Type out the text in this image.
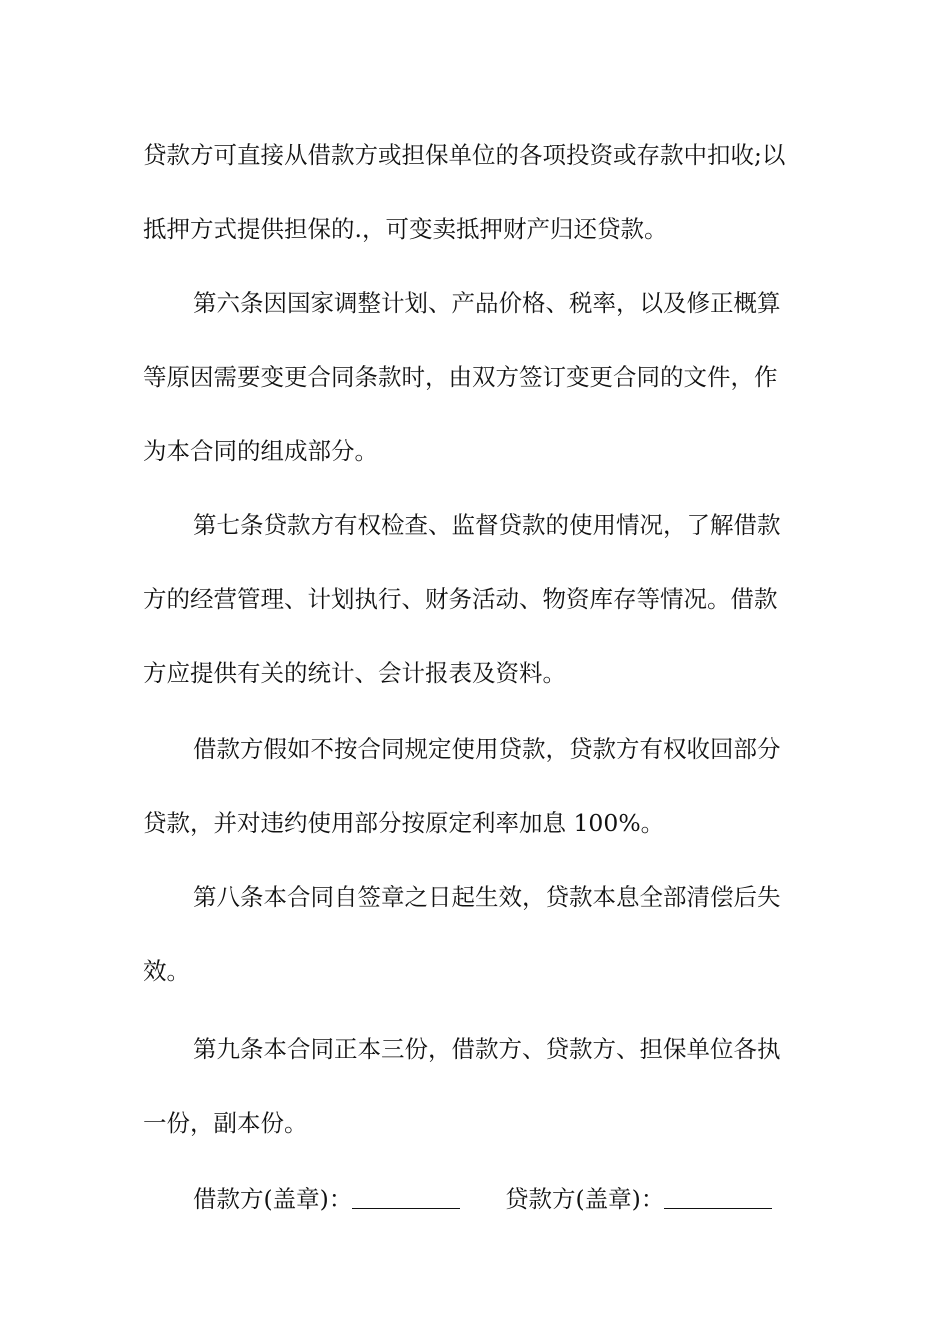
贷款方可直接从借款方或担保单位的各项投资或存款中扣收;以
抵押方式提供担保的.，可变卖抵押财产归还贷款。
第六条因国家调整计划、产品价格、税率，以及修正概算
等原因需要变更合同条款时，由双方签订变更合同的文件，作
为本合同的组成部分。
第七条贷款方有权检查、监督贷款的使用情况，了解借款
方的经营管理、计划执行、财务活动、物资库存等情况。借款
方应提供有关的统计、会计报表及资料。
借款方假如不按合同规定使用贷款，贷款方有权收回部分
贷款，并对违约使用部分按原定利率加息 100%。
第八条本合同自签章之日起生效，贷款本息全部清偿后失
效。
第九条本合同正本三份，借款方、贷款方、担保单位各执
一份，副本份。
借款方(盖章)：	贷款方(盖章)：
